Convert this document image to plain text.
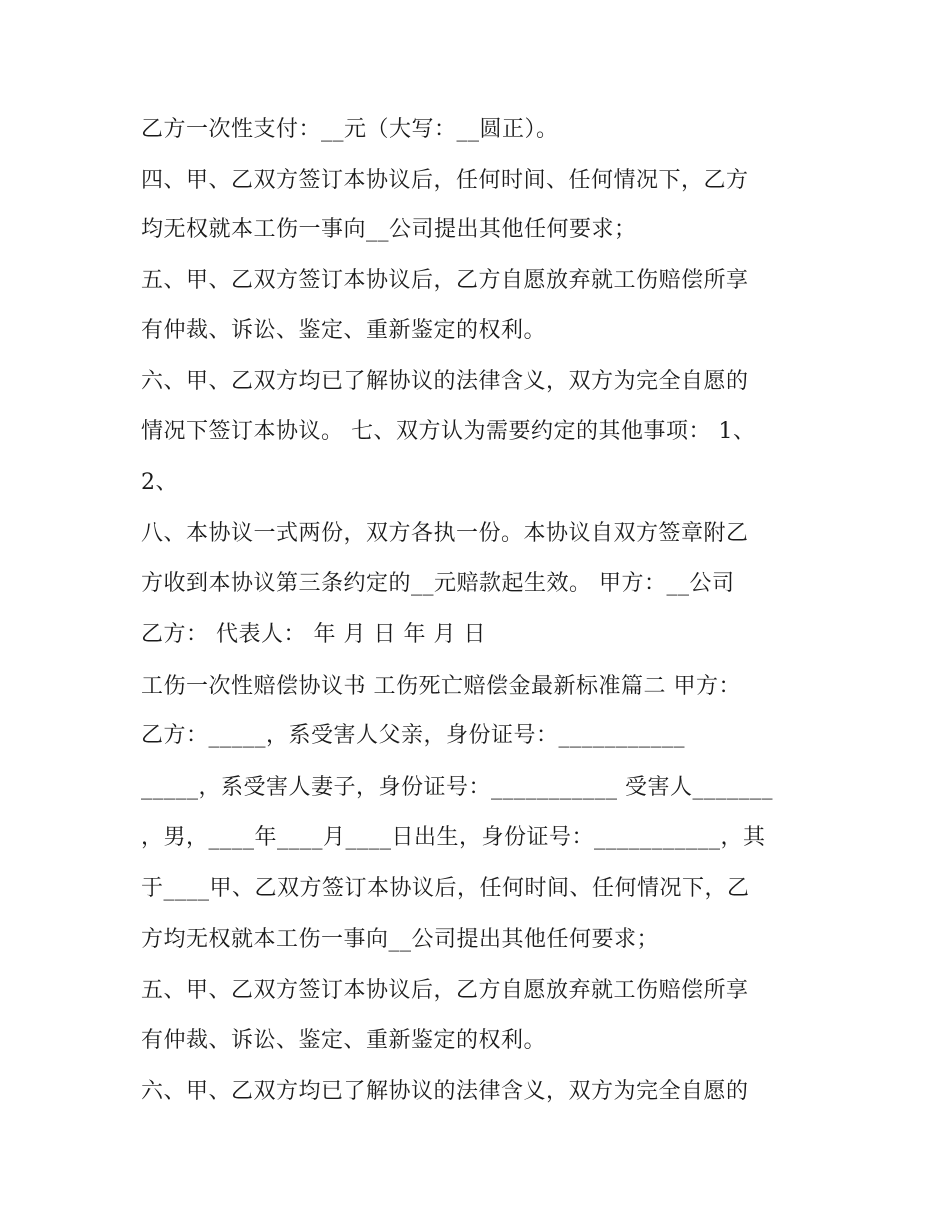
乙方一次性支付：__元（大写：__圆正）。
四、甲、乙双方签订本协议后，任何时间、任何情况下，乙方
均无权就本工伤一事向__公司提出其他任何要求；
五、甲、乙双方签订本协议后，乙方自愿放弃就工伤赔偿所享
有仲裁、诉讼、鉴定、重新鉴定的权利。
六、甲、乙双方均已了解协议的法律含义，双方为完全自愿的
情况下签订本协议。 七、双方认为需要约定的其他事项： 1、
2、
八、本协议一式两份，双方各执一份。本协议自双方签章附乙
方收到本协议第三条约定的__元赔款起生效。 甲方：__公司
乙方： 代表人： 年 月 日 年 月 日
工伤一次性赔偿协议书 工伤死亡赔偿金最新标准篇二 甲方：
乙方：_____，系受害人父亲，身份证号：___________
_____，系受害人妻子，身份证号：___________ 受害人_______
，男，____年____月____日出生，身份证号：___________，其
于____甲、乙双方签订本协议后，任何时间、任何情况下，乙
方均无权就本工伤一事向__公司提出其他任何要求；
五、甲、乙双方签订本协议后，乙方自愿放弃就工伤赔偿所享
有仲裁、诉讼、鉴定、重新鉴定的权利。
六、甲、乙双方均已了解协议的法律含义，双方为完全自愿的
